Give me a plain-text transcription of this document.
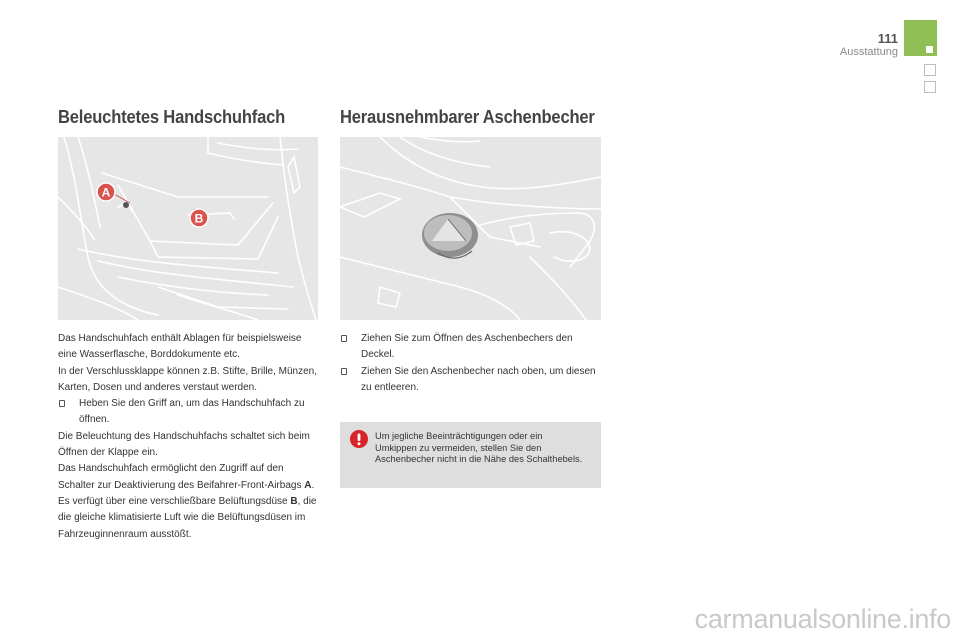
111
Ausstattung
Beleuchtetes Handschuhfach
A
B

Das Handschuhfach enthält Ablagen für beispielsweise eine Wasserflasche, Borddokumente etc.

In der Verschlussklappe können z.B. Stifte, Brille, Münzen, Karten, Dosen und anderes verstaut werden.

Heben Sie den Griff an, um das Handschuhfach zu öffnen.

Die Beleuchtung des Handschuhfachs schaltet sich beim Öffnen der Klappe ein.

Das Handschuhfach ermöglicht den Zugriff auf den Schalter zur Deaktivierung des Beifahrer-Front-Airbags A.

Es verfügt über eine verschließbare Belüftungsdüse B, die die gleiche klimatisierte Luft wie die Belüftungsdüsen im Fahrzeuginnenraum ausstößt.

Herausnehmbarer Aschenbecher

Ziehen Sie zum Öffnen des Aschenbechers den Deckel.

Ziehen Sie den Aschenbecher nach oben, um diesen zu entleeren.

Um jegliche Beeinträchtigungen oder ein Umkippen zu vermeiden, stellen Sie den Aschenbecher nicht in die Nähe des Schalthebels.
carmanualsonline.info
